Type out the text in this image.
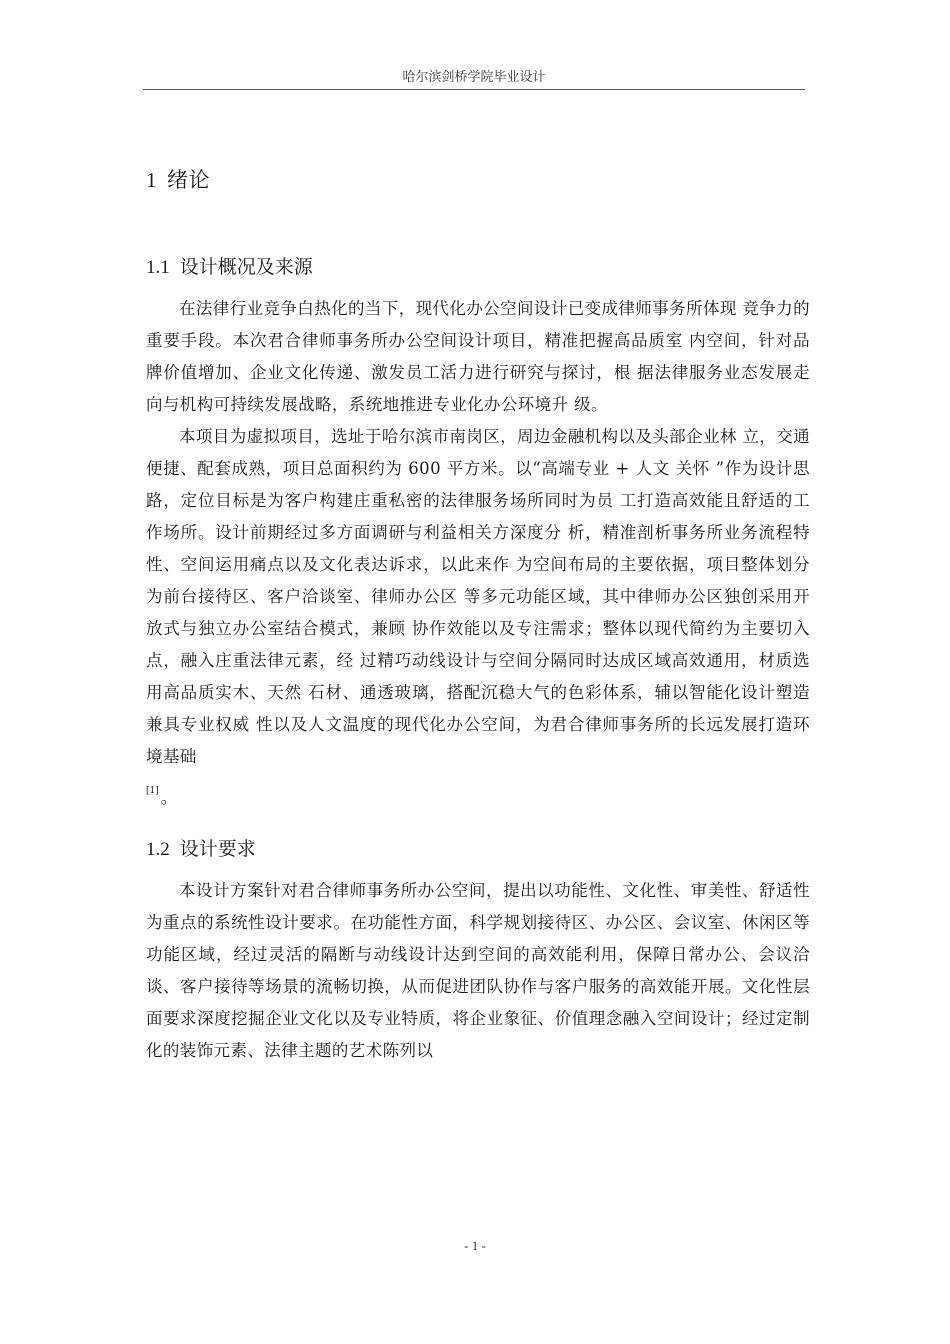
哈尔滨剑桥学院毕业设计
1 绪论
1.1 设计概况及来源

在法律行业竞争白热化的当下，现代化办公空间设计已变成律师事务所体现 竞争力的重要手段。本次君合律师事务所办公空间设计项目，精准把握高品质室 内空间，针对品牌价值增加、企业文化传递、激发员工活力进行研究与探讨，根 据法律服务业态发展走向与机构可持续发展战略，系统地推进专业化办公环境升 级。

本项目为虚拟项目，选址于哈尔滨市南岗区，周边金融机构以及头部企业林 立，交通便捷、配套成熟，项目总面积约为 600 平方米。以“高端专业 + 人文 关怀 ”作为设计思路，定位目标是为客户构建庄重私密的法律服务场所同时为员 工打造高效能且舒适的工作场所。设计前期经过多方面调研与利益相关方深度分 析，精准剖析事务所业务流程特性、空间运用痛点以及文化表达诉求，以此来作 为空间布局的主要依据，项目整体划分为前台接待区、客户洽谈室、律师办公区 等多元功能区域，其中律师办公区独创采用开放式与独立办公室结合模式，兼顾 协作效能以及专注需求；整体以现代简约为主要切入点，融入庄重法律元素，经 过精巧动线设计与空间分隔同时达成区域高效通用，材质选用高品质实木、天然 石材、通透玻璃，搭配沉稳大气的色彩体系，辅以智能化设计塑造兼具专业权威 性以及人文温度的现代化办公空间，为君合律师事务所的长远发展打造环境基础

[1] 。
1.2 设计要求

本设计方案针对君合律师事务所办公空间，提出以功能性、文化性、审美性、舒适性为重点的系统性设计要求。在功能性方面，科学规划接待区、办公区、会议室、休闲区等功能区域，经过灵活的隔断与动线设计达到空间的高效能利用，保障日常办公、会议洽谈、客户接待等场景的流畅切换，从而促进团队协作与客户服务的高效能开展。文化性层面要求深度挖掘企业文化以及专业特质，将企业象征、价值理念融入空间设计；经过定制化的装饰元素、法律主题的艺术陈列以

- 1 -
